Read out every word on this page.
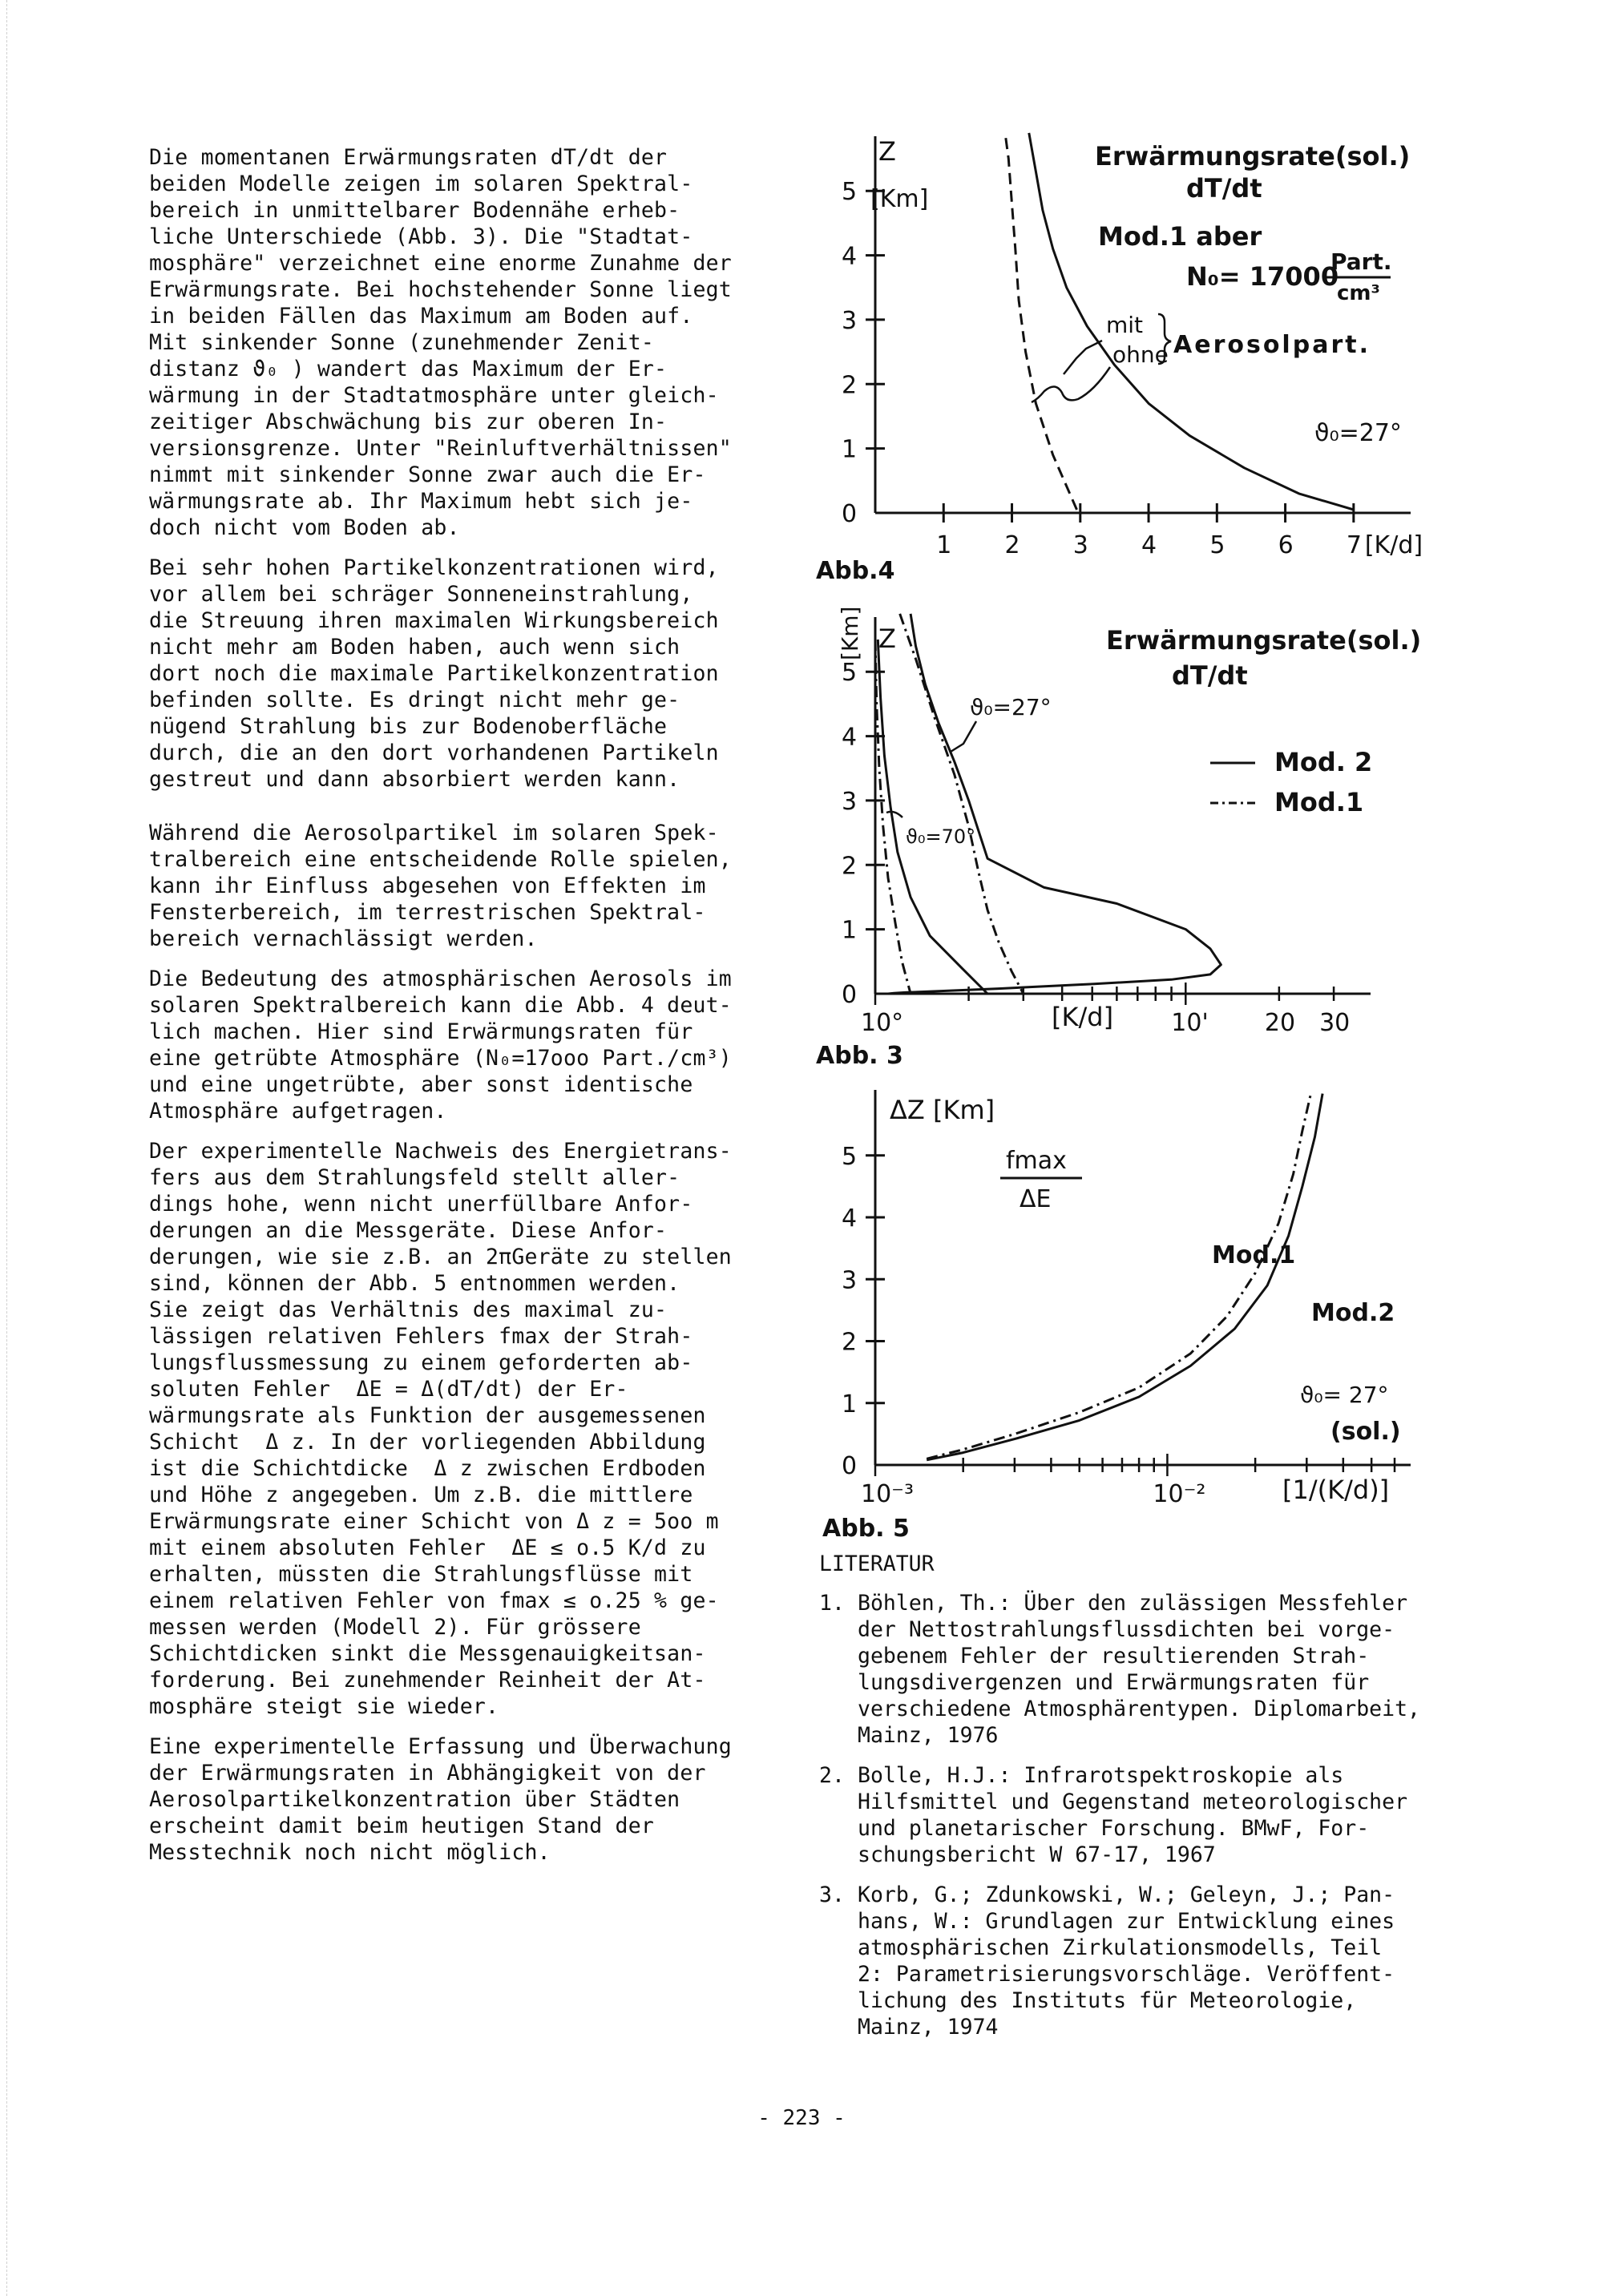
Die momentanen Erwärmungsraten dT/dt der
beiden Modelle zeigen im solaren Spektral-
bereich in unmittelbarer Bodennähe erheb-
liche Unterschiede (Abb. 3). Die "Stadtat-
mosphäre" verzeichnet eine enorme Zunahme der
Erwärmungsrate. Bei hochstehender Sonne liegt
in beiden Fällen das Maximum am Boden auf.
Mit sinkender Sonne (zunehmender Zenit-
distanz ϑ₀ ) wandert das Maximum der Er-
wärmung in der Stadtatmosphäre unter gleich-
zeitiger Abschwächung bis zur oberen In-
versionsgrenze. Unter "Reinluftverhältnissen"
nimmt mit sinkender Sonne zwar auch die Er-
wärmungsrate ab. Ihr Maximum hebt sich je-
doch nicht vom Boden ab.

Bei sehr hohen Partikelkonzentrationen wird,
vor allem bei schräger Sonneneinstrahlung,
die Streuung ihren maximalen Wirkungsbereich
nicht mehr am Boden haben, auch wenn sich
dort noch die maximale Partikelkonzentration
befinden sollte. Es dringt nicht mehr ge-
nügend Strahlung bis zur Bodenoberfläche
durch, die an den dort vorhandenen Partikeln
gestreut und dann absorbiert werden kann.

Während die Aerosolpartikel im solaren Spek-
tralbereich eine entscheidende Rolle spielen,
kann ihr Einfluss abgesehen von Effekten im
Fensterbereich, im terrestrischen Spektral-
bereich vernachlässigt werden.

Die Bedeutung des atmosphärischen Aerosols im
solaren Spektralbereich kann die Abb. 4 deut-
lich machen. Hier sind Erwärmungsraten für
eine getrübte Atmosphäre (N₀=17ooo Part./cm³)
und eine ungetrübte, aber sonst identische
Atmosphäre aufgetragen.

Der experimentelle Nachweis des Energietrans-
fers aus dem Strahlungsfeld stellt aller-
dings hohe, wenn nicht unerfüllbare Anfor-
derungen an die Messgeräte. Diese Anfor-
derungen, wie sie z.B. an 2πGeräte zu stellen
sind, können der Abb. 5 entnommen werden.
Sie zeigt das Verhältnis des maximal zu-
lässigen relativen Fehlers fmax der Strah-
lungsflussmessung zu einem geforderten ab-
soluten Fehler  ΔE = Δ(dT/dt) der Er-
wärmungsrate als Funktion der ausgemessenen
Schicht  Δ z. In der vorliegenden Abbildung
ist die Schichtdicke  Δ z zwischen Erdboden
und Höhe z angegeben. Um z.B. die mittlere
Erwärmungsrate einer Schicht von Δ z = 5oo m
mit einem absoluten Fehler  ΔE ≤ o.5 K/d zu
erhalten, müssten die Strahlungsflüsse mit
einem relativen Fehler von fmax ≤ o.25 % ge-
messen werden (Modell 2). Für grössere
Schichtdicken sinkt die Messgenauigkeitsan-
forderung. Bei zunehmender Reinheit der At-
mosphäre steigt sie wieder.

Eine experimentelle Erfassung und Überwachung
der Erwärmungsraten in Abhängigkeit von der
Aerosolpartikelkonzentration über Städten
erscheint damit beim heutigen Stand der
Messtechnik noch nicht möglich.

0
1
2
3
4
5
1 2 3 4 5 6 7 [K/d]
Z
[Km]
Erwärmungsrate(sol.)
dT/dt
Mod.1 aber
N₀= 17000
Part.
cm³
mit
ohne Aerosolpart.
ϑ₀=27°
Abb.4
0
1
2
3
4
5
10°	10' 20 30
Z
[Km]	Erwärmungsrate(sol.)
dT/dt
Mod. 2
Mod.1
ϑ₀=27°
ϑ₀=70°
[K/d]
Abb. 3
0
1
2
3
4
5
10⁻³	10⁻²
ΔZ [Km]
fmax
ΔE
Mod.1
Mod.2
ϑ₀= 27°
(sol.)
[1/(K/d)]
Abb. 5
LITERATUR
1. Böhlen, Th.: Über den zulässigen Messfehler
der Nettostrahlungsflussdichten bei vorge-
gebenem Fehler der resultierenden Strah-
lungsdivergenzen und Erwärmungsraten für
verschiedene Atmosphärentypen. Diplomarbeit,
Mainz, 1976
2. Bolle, H.J.: Infrarotspektroskopie als
Hilfsmittel und Gegenstand meteorologischer
und planetarischer Forschung. BMwF, For-
schungsbericht W 67-17, 1967
3. Korb, G.; Zdunkowski, W.; Geleyn, J.; Pan-
hans, W.: Grundlagen zur Entwicklung eines
atmosphärischen Zirkulationsmodells, Teil
2: Parametrisierungsvorschläge. Veröffent-
lichung des Instituts für Meteorologie,
Mainz, 1974
- 223 -
